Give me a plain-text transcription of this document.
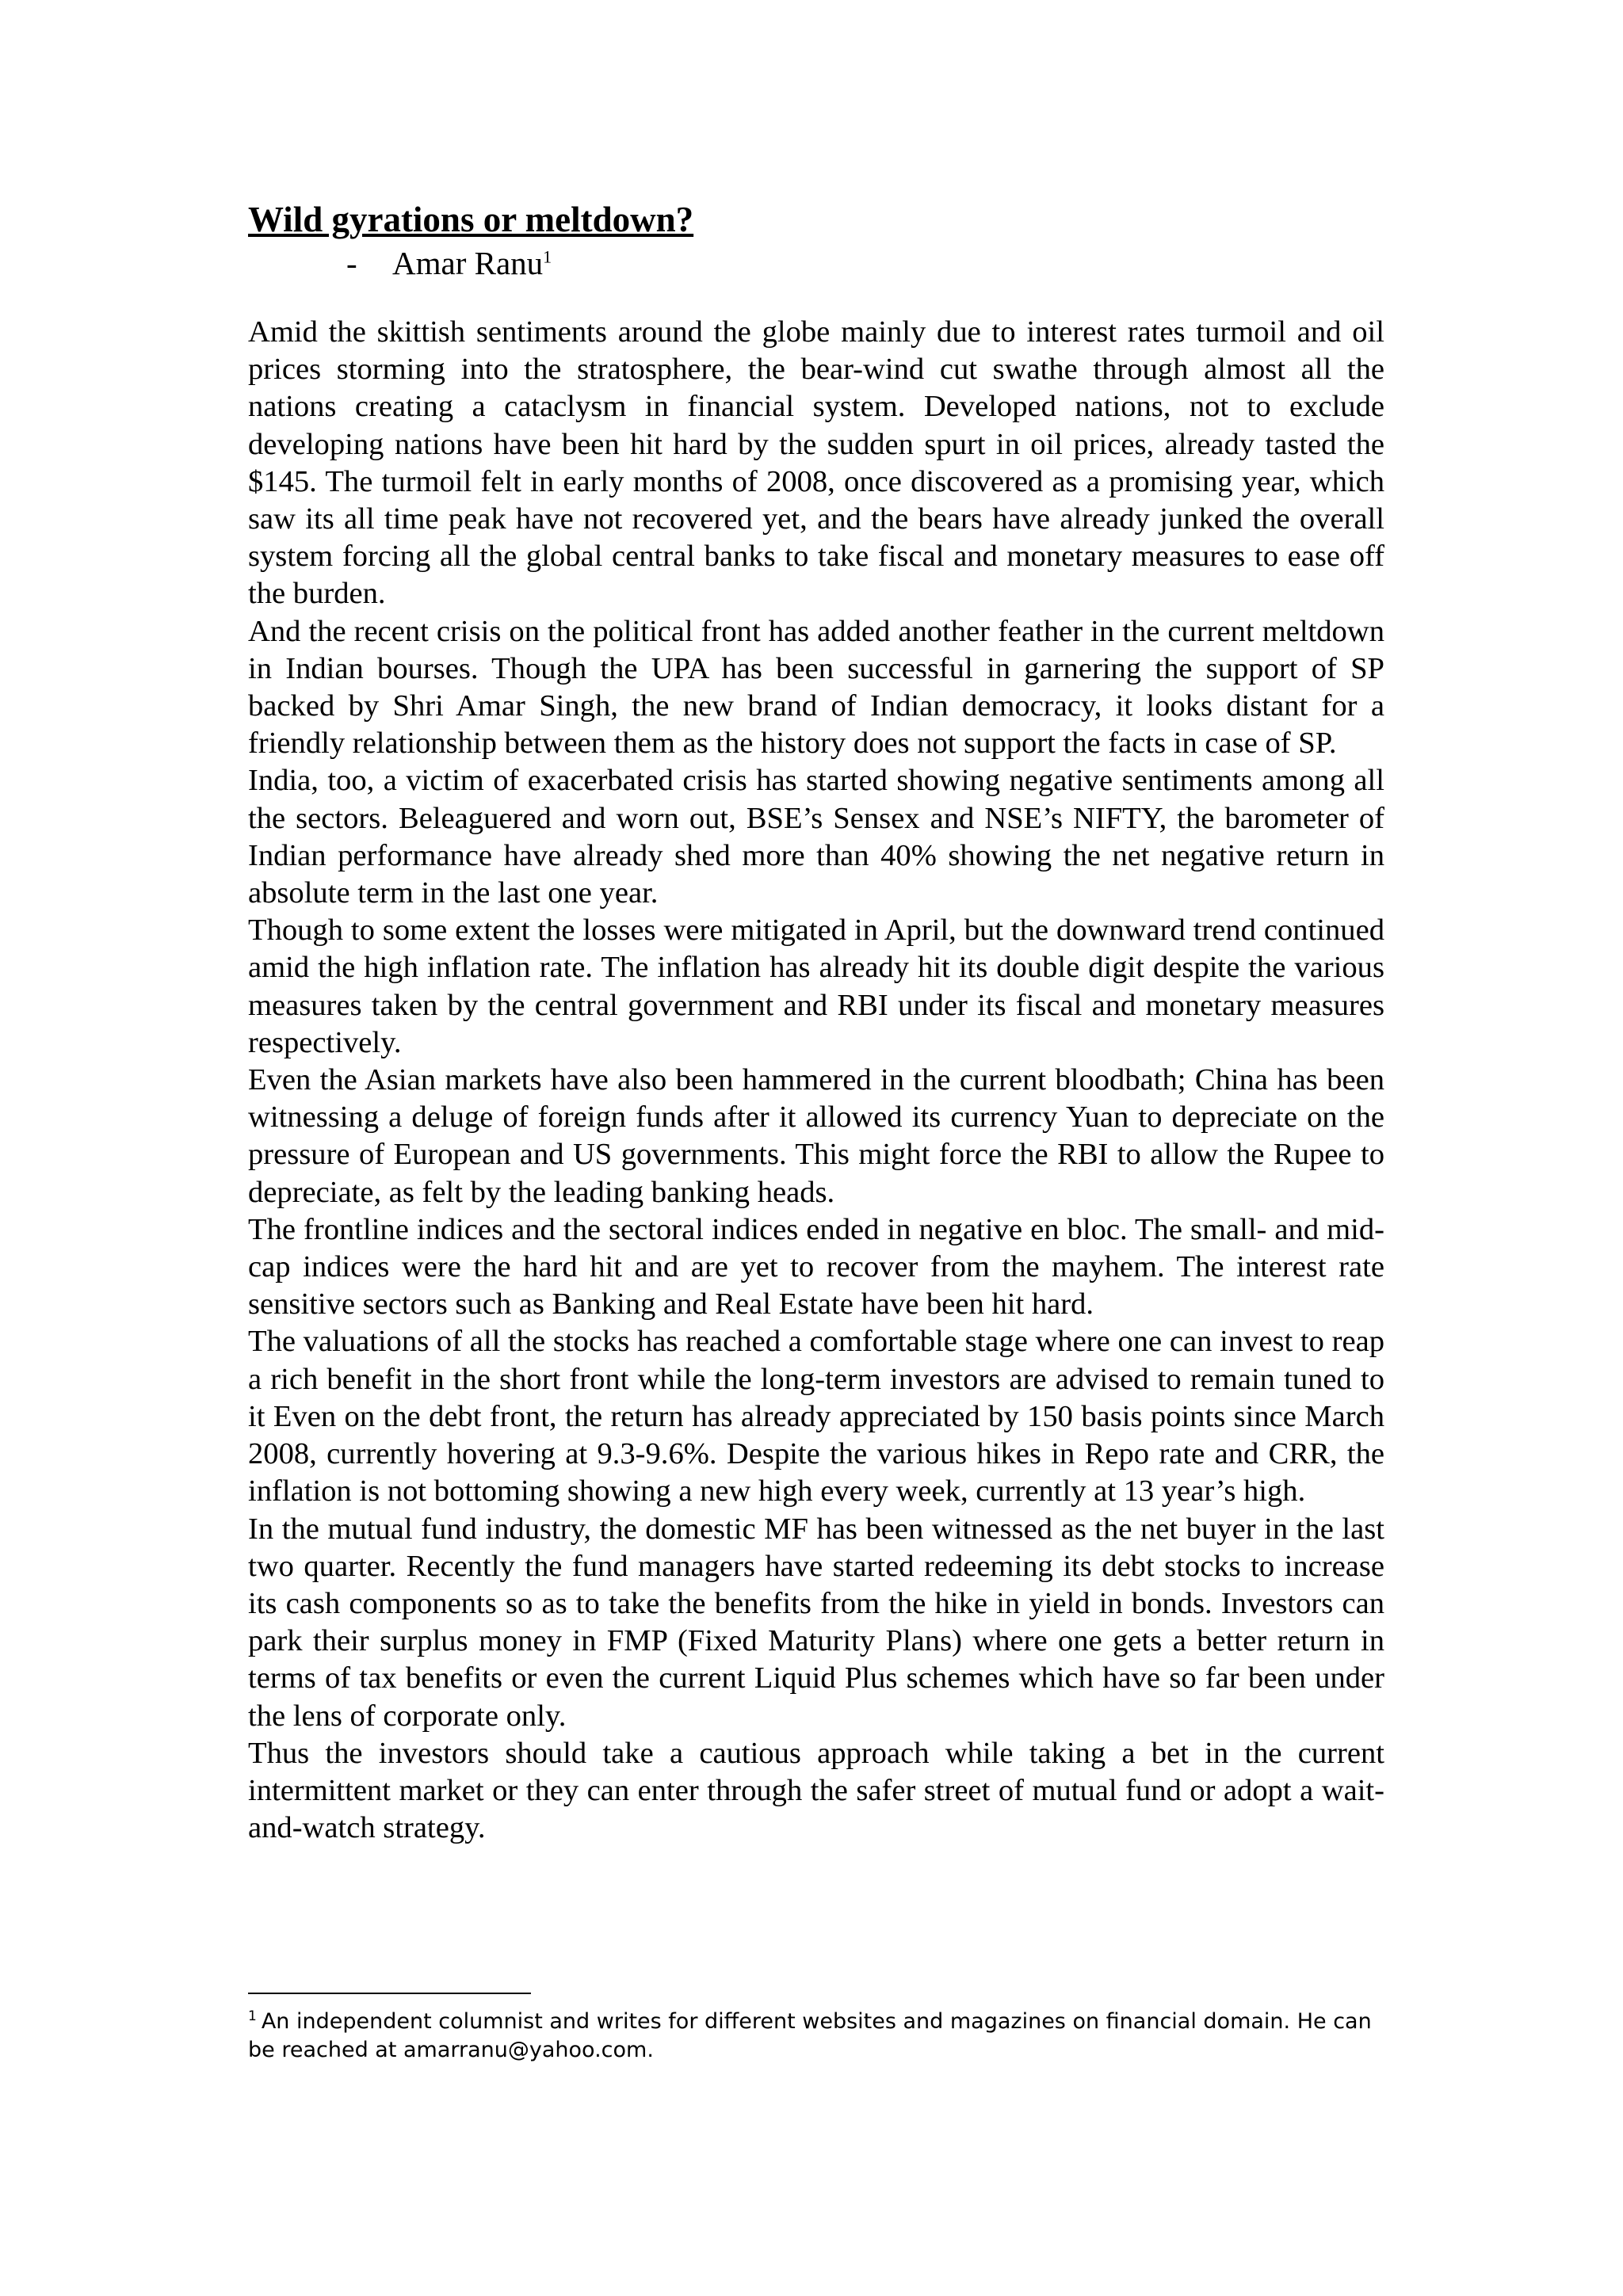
Wild gyrations or meltdown?
- Amar Ranu$^1$

Amid the skittish sentiments around the globe mainly due to interest rates turmoil and oil prices storming into the stratosphere, the bear-wind cut swathe through almost all the nations creating a cataclysm in financial system. Developed nations, not to exclude developing nations have been hit hard by the sudden spurt in oil prices, already tasted the $145. The turmoil felt in early months of 2008, once discovered as a promising year, which saw its all time peak have not recovered yet, and the bears have already junked the overall system forcing all the global central banks to take fiscal and monetary measures to ease off the burden.

And the recent crisis on the political front has added another feather in the current meltdown in Indian bourses. Though the UPA has been successful in garnering the support of SP backed by Shri Amar Singh, the new brand of Indian democracy, it looks distant for a friendly relationship between them as the history does not support the facts in case of SP.

India, too, a victim of exacerbated crisis has started showing negative sentiments among all the sectors. Beleaguered and worn out, BSE’s Sensex and NSE’s NIFTY, the barometer of Indian performance have already shed more than 40% showing the net negative return in absolute term in the last one year.

Though to some extent the losses were mitigated in April, but the downward trend continued amid the high inflation rate. The inflation has already hit its double digit despite the various measures taken by the central government and RBI under its fiscal and monetary measures respectively.

Even the Asian markets have also been hammered in the current bloodbath; China has been witnessing a deluge of foreign funds after it allowed its currency Yuan to depreciate on the pressure of European and US governments. This might force the RBI to allow the Rupee to depreciate, as felt by the leading banking heads.

The frontline indices and the sectoral indices ended in negative en bloc. The small- and mid-cap indices were the hard hit and are yet to recover from the mayhem. The interest rate sensitive sectors such as Banking and Real Estate have been hit hard.

The valuations of all the stocks has reached a comfortable stage where one can invest to reap a rich benefit in the short front while the long-term investors are advised to remain tuned to it Even on the debt front, the return has already appreciated by 150 basis points since March 2008, currently hovering at 9.3-9.6%. Despite the various hikes in Repo rate and CRR, the inflation is not bottoming showing a new high every week, currently at 13 year’s high.

In the mutual fund industry, the domestic MF has been witnessed as the net buyer in the last two quarter. Recently the fund managers have started redeeming its debt stocks to increase its cash components so as to take the benefits from the hike in yield in bonds. Investors can park their surplus money in FMP (Fixed Maturity Plans) where one gets a better return in terms of tax benefits or even the current Liquid Plus schemes which have so far been under the lens of corporate only.

Thus the investors should take a cautious approach while taking a bet in the current intermittent market or they can enter through the safer street of mutual fund or adopt a wait-and-watch strategy.

$^1$ An independent columnist and writes for different websites and magazines on financial domain. He can be reached at amarranu@yahoo.com.
